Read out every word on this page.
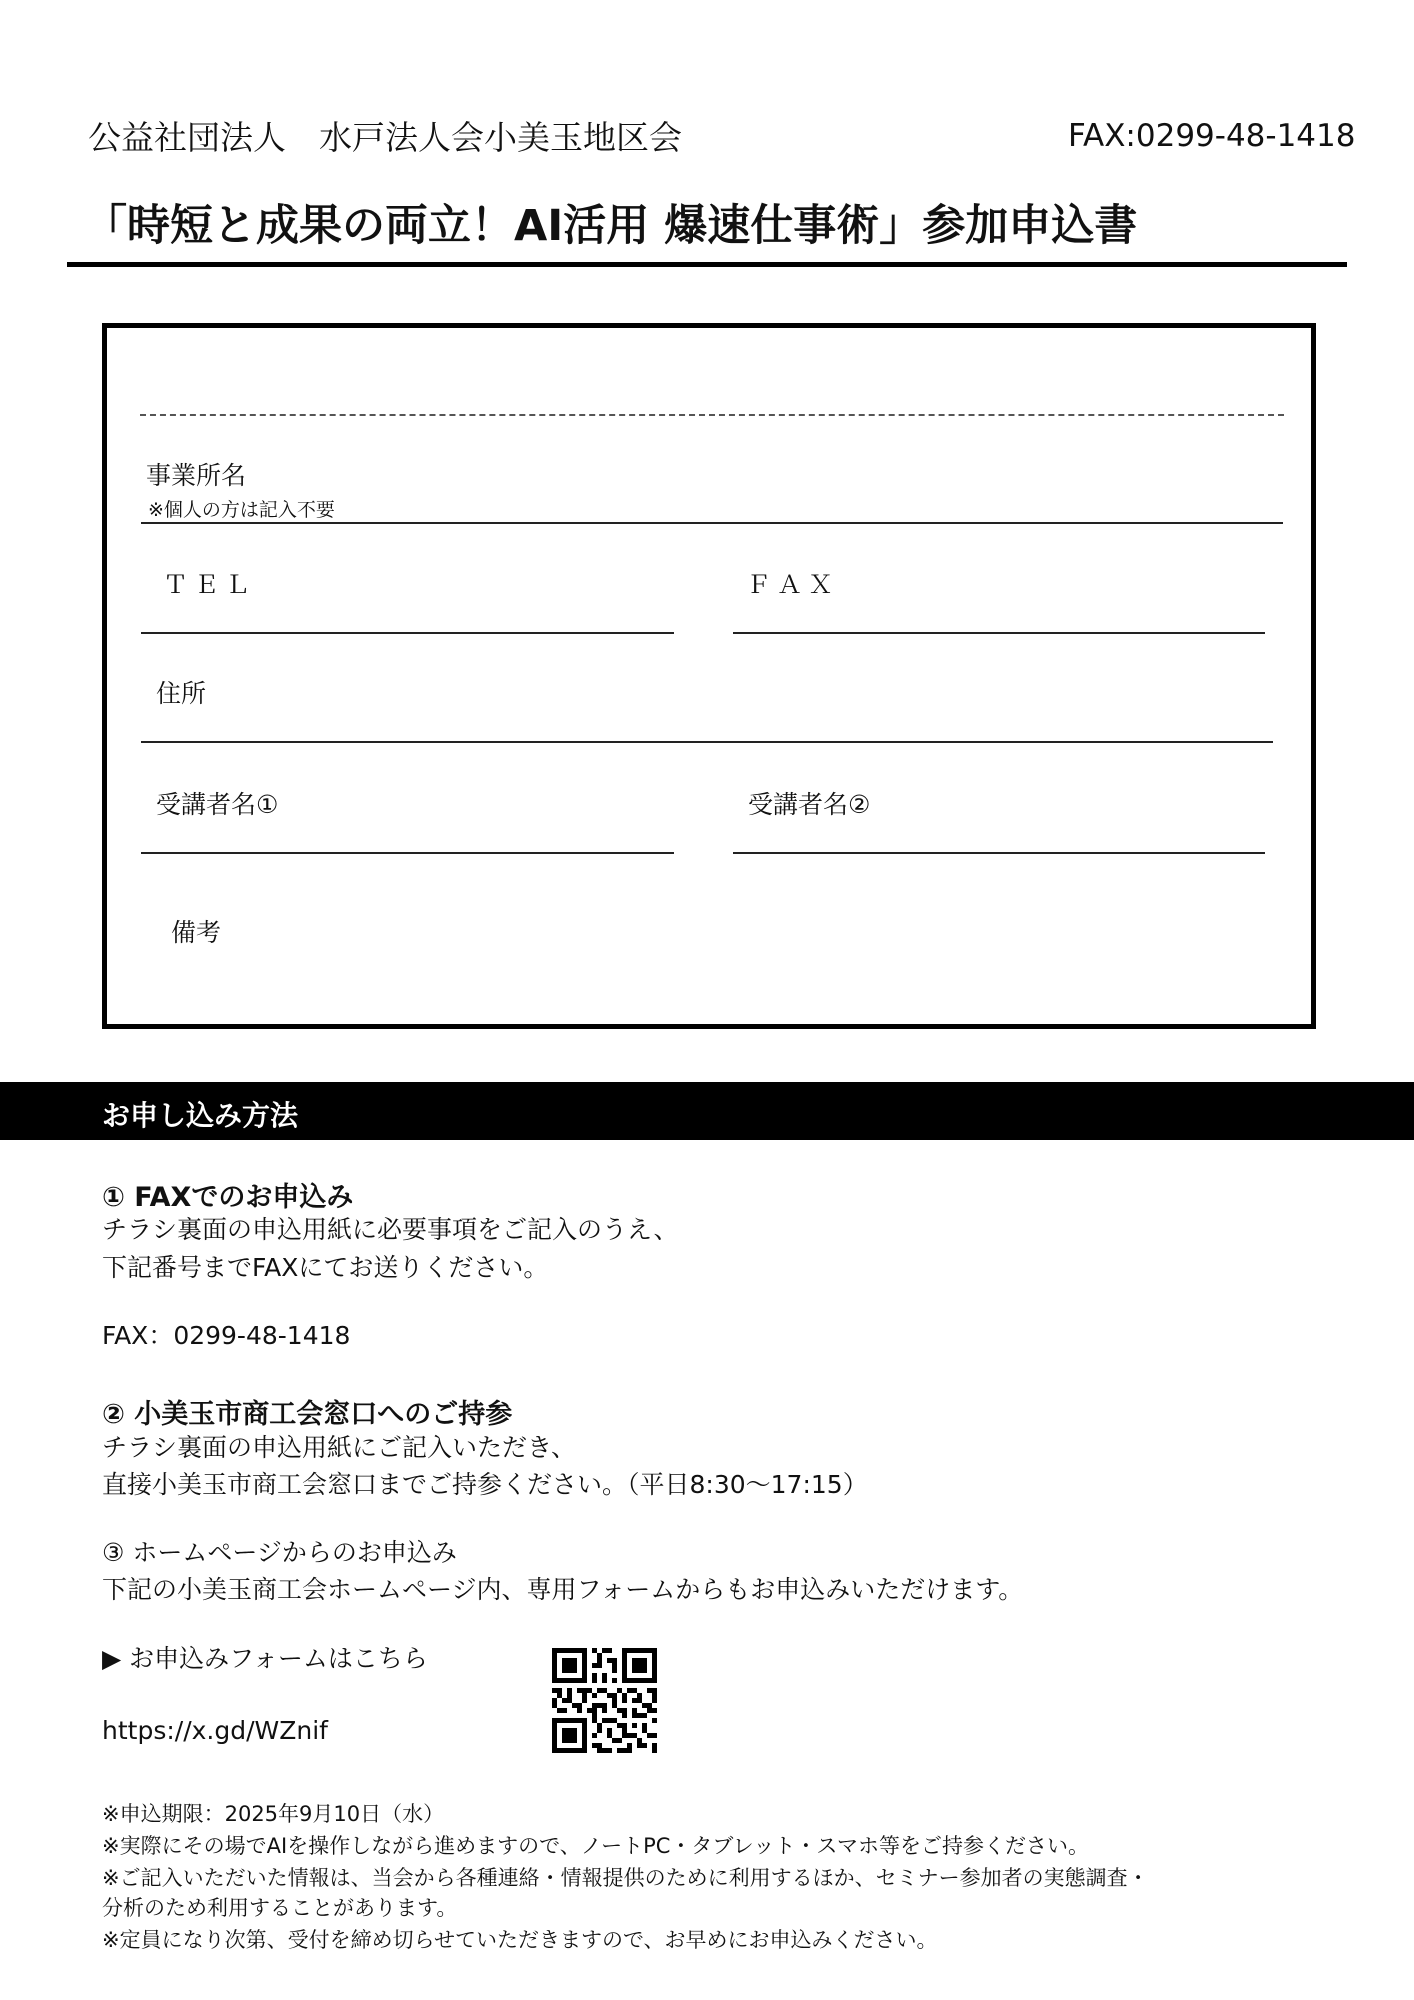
公益社団法人　水戸法人会小美玉地区会	FAX:0299-48-1418
「時短と成果の両立！AI活用 爆速仕事術」参加申込書
事業所名
※個人の方は記入不要
ＴＥＬ	ＦＡＸ
住所
受講者名①	受講者名②
備考
お申し込み方法
① FAXでのお申込み
チラシ裏面の申込用紙に必要事項をご記入のうえ、
下記番号までFAXにてお送りください。
FAX：0299-48-1418
② 小美玉市商工会窓口へのご持参
チラシ裏面の申込用紙にご記入いただき、
直接小美玉市商工会窓口までご持参ください。（平日8:30〜17:15）
③ ホームページからのお申込み
下記の小美玉商工会ホームページ内、専用フォームからもお申込みいただけます。
▶ お申込みフォームはこちら
https://x.gd/WZnif
※申込期限：2025年9月10日（水）
※実際にその場でAIを操作しながら進めますので、ノートPC・タブレット・スマホ等をご持参ください。
※ご記入いただいた情報は、当会から各種連絡・情報提供のために利用するほか、セミナー参加者の実態調査・
分析のため利用することがあります。
※定員になり次第、受付を締め切らせていただきますので、お早めにお申込みください。
